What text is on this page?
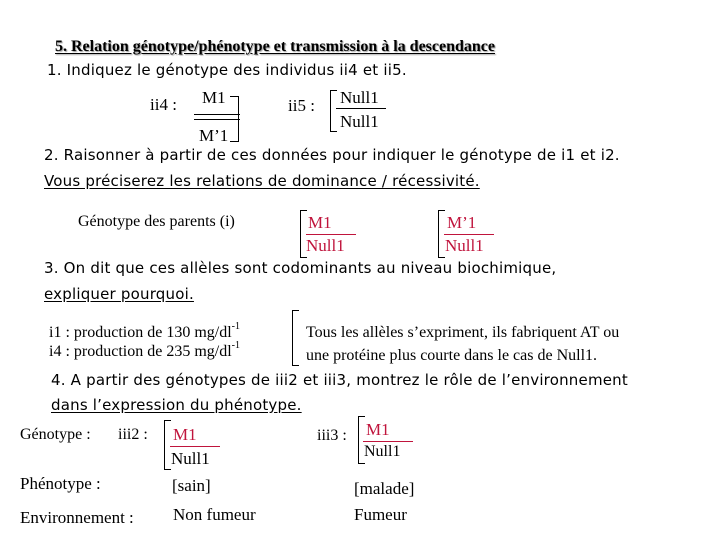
5. Relation génotype/phénotype et transmission à la descendance
1. Indiquez le génotype des individus ii4 et ii5.
ii4 : M1
M’1
ii5 : Null1
Null1
2. Raisonner à partir de ces données pour indiquer le génotype de i1 et i2.
Vous préciserez les relations de dominance / récessivité.
Génotype des parents (i)	M1
Null1
M’1
Null1
3. On dit que ces allèles sont codominants au niveau biochimique,
expliquer pourquoi.
i1 : production de 130 $mg/dl^{-1}$
i4 : production de 235 $mg/dl^{-1}$
Tous les allèles s’expriment, ils fabriquent AT ou
une protéine plus courte dans le cas de Null1.
4. A partir des génotypes de iii2 et iii3, montrez le rôle de l’environnement
dans l’expression du phénotype.
Génotype : iii2 : M1
Null1
iii3 : M1
Null1
Phénotype :	[sain]	[malade]
Environnement : Non fumeur	Fumeur
